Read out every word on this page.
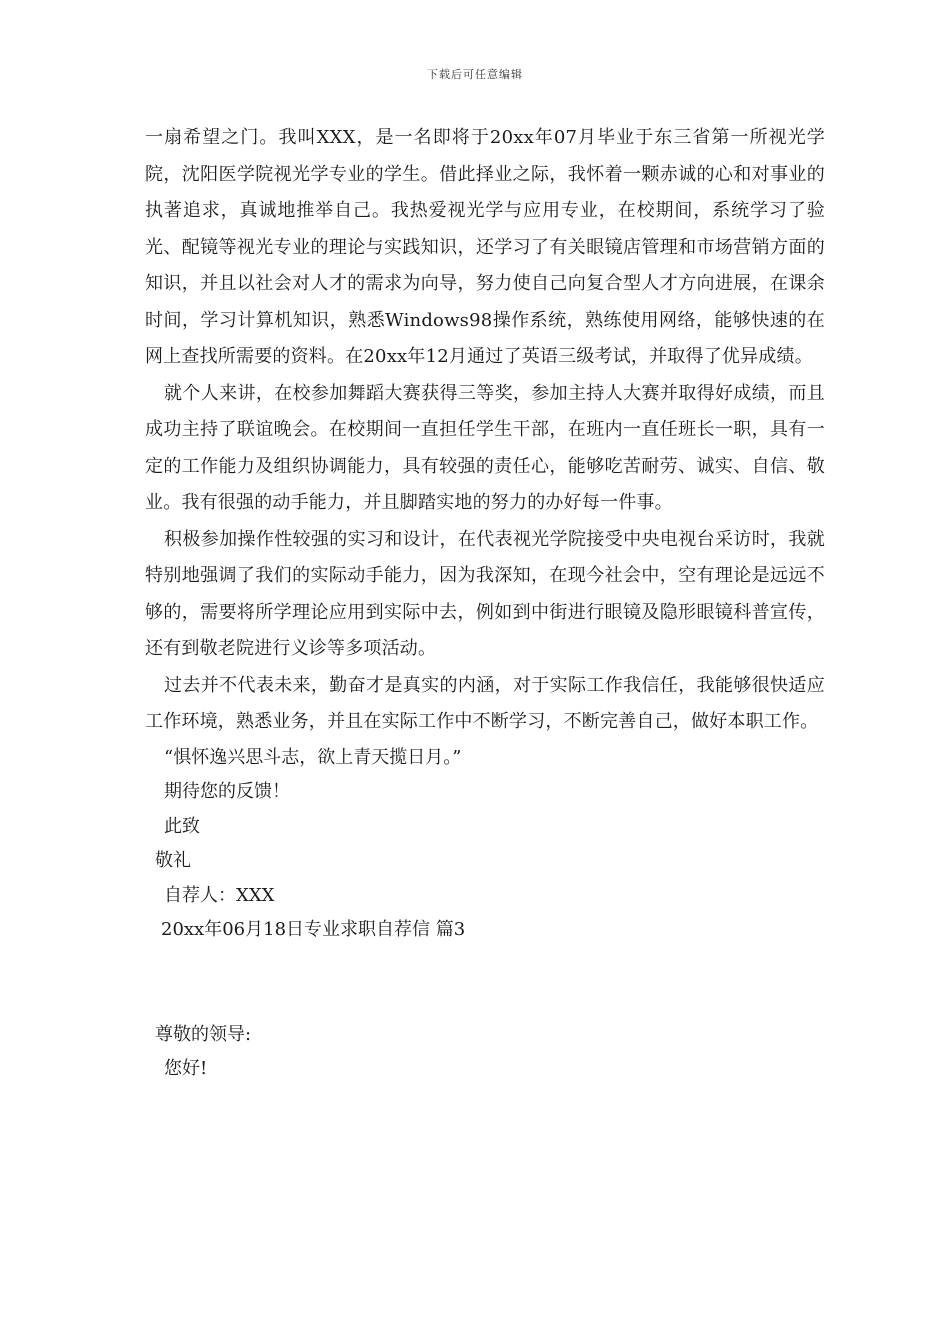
下载后可任意编辑

一扇希望之门。我叫XXX，是一名即将于20xx年07月毕业于东三省第一所视光学院，沈阳医学院视光学专业的学生。借此择业之际，我怀着一颗赤诚的心和对事业的执著追求，真诚地推举自己。我热爱视光学与应用专业，在校期间，系统学习了验光、配镜等视光专业的理论与实践知识，还学习了有关眼镜店管理和市场营销方面的知识，并且以社会对人才的需求为向导，努力使自己向复合型人才方向进展，在课余时间，学习计算机知识，熟悉Windows98操作系统，熟练使用网络，能够快速的在网上查找所需要的资料。在20xx年12月通过了英语三级考试，并取得了优异成绩。

就个人来讲，在校参加舞蹈大赛获得三等奖，参加主持人大赛并取得好成绩，而且成功主持了联谊晚会。在校期间一直担任学生干部，在班内一直任班长一职，具有一定的工作能力及组织协调能力，具有较强的责任心，能够吃苦耐劳、诚实、自信、敬业。我有很强的动手能力，并且脚踏实地的努力的办好每一件事。

积极参加操作性较强的实习和设计，在代表视光学院接受中央电视台采访时，我就特别地强调了我们的实际动手能力，因为我深知，在现今社会中，空有理论是远远不够的，需要将所学理论应用到实际中去，例如到中街进行眼镜及隐形眼镜科普宣传，还有到敬老院进行义诊等多项活动。

过去并不代表未来，勤奋才是真实的内涵，对于实际工作我信任，我能够很快适应工作环境，熟悉业务，并且在实际工作中不断学习，不断完善自己，做好本职工作。

“惧怀逸兴思斗志，欲上青天揽日月。”

期待您的反馈！

此致

敬礼

自荐人：XXX

20xx年06月18日专业求职自荐信 篇3

尊敬的领导:

您好!
